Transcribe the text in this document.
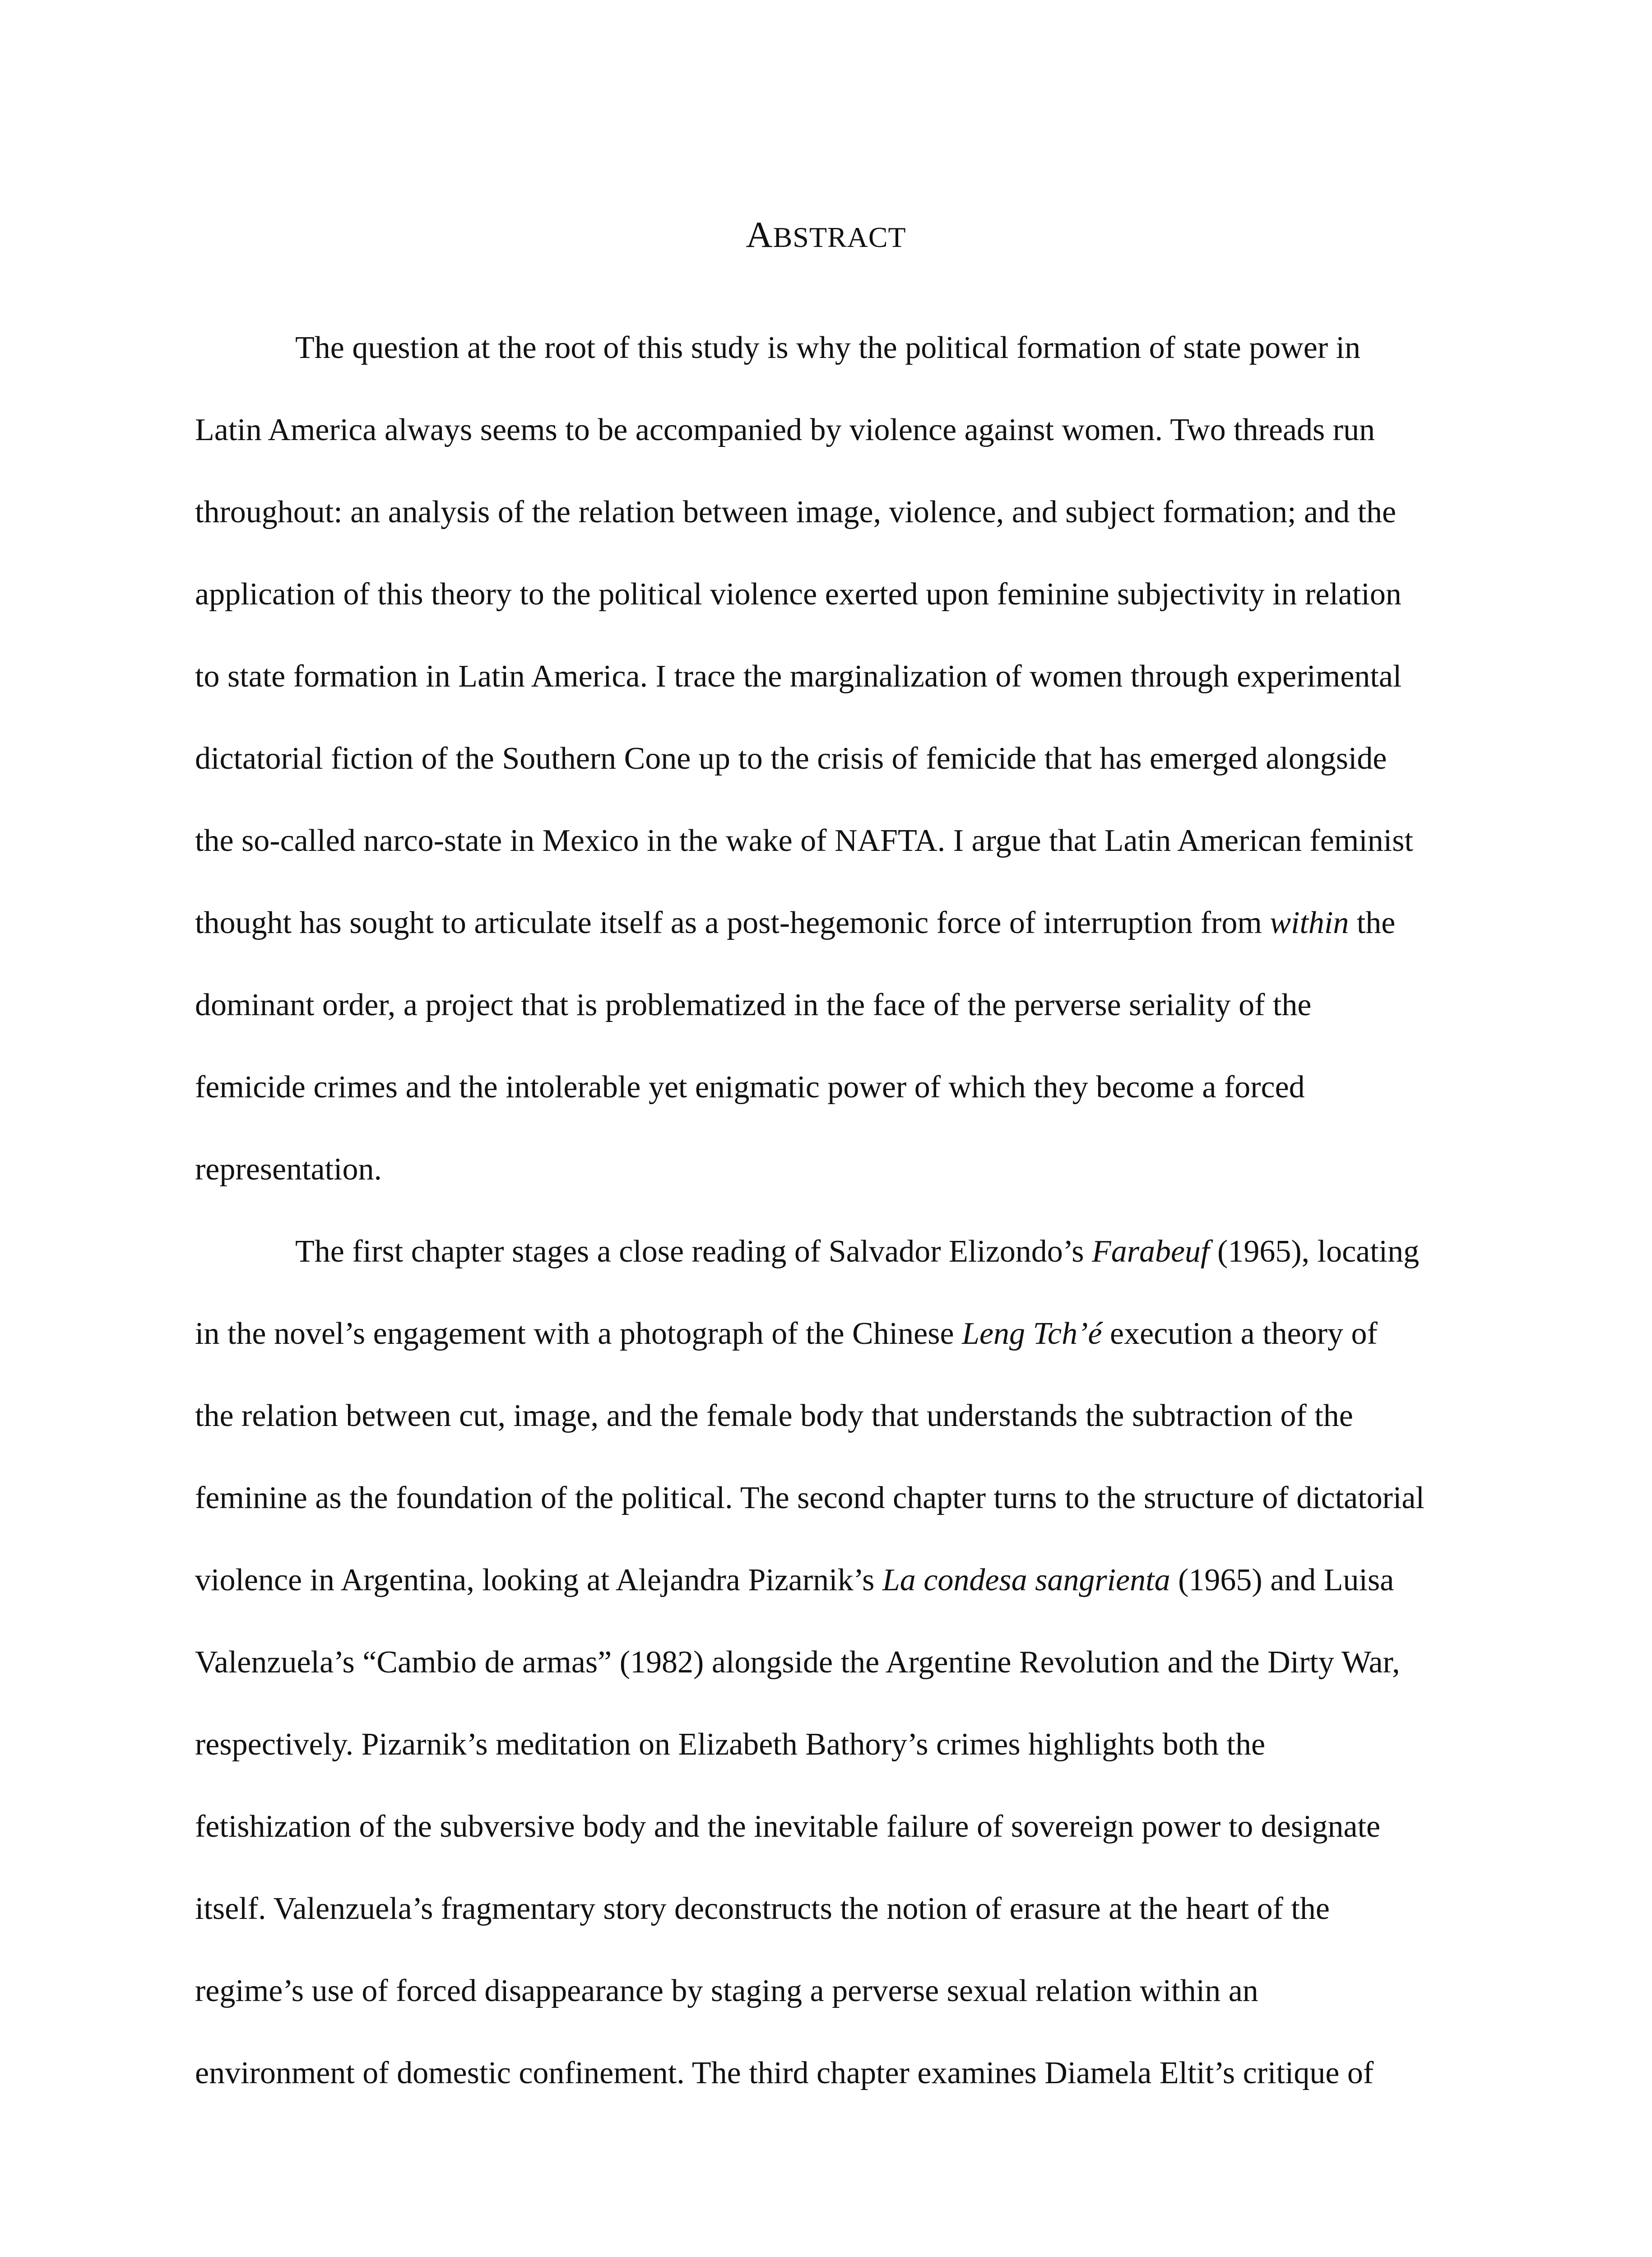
ABSTRACT
The question at the root of this study is why the political formation of state power in
Latin America always seems to be accompanied by violence against women. Two threads run
throughout: an analysis of the relation between image, violence, and subject formation; and the
application of this theory to the political violence exerted upon feminine subjectivity in relation
to state formation in Latin America. I trace the marginalization of women through experimental
dictatorial fiction of the Southern Cone up to the crisis of femicide that has emerged alongside
the so-called narco-state in Mexico in the wake of NAFTA. I argue that Latin American feminist
thought has sought to articulate itself as a post-hegemonic force of interruption from within the
dominant order, a project that is problematized in the face of the perverse seriality of the
femicide crimes and the intolerable yet enigmatic power of which they become a forced
representation.
The first chapter stages a close reading of Salvador Elizondo’s Farabeuf (1965), locating
in the novel’s engagement with a photograph of the Chinese Leng Tch’é execution a theory of
the relation between cut, image, and the female body that understands the subtraction of the
feminine as the foundation of the political. The second chapter turns to the structure of dictatorial
violence in Argentina, looking at Alejandra Pizarnik’s La condesa sangrienta (1965) and Luisa
Valenzuela’s “Cambio de armas” (1982) alongside the Argentine Revolution and the Dirty War,
respectively. Pizarnik’s meditation on Elizabeth Bathory’s crimes highlights both the
fetishization of the subversive body and the inevitable failure of sovereign power to designate
itself. Valenzuela’s fragmentary story deconstructs the notion of erasure at the heart of the
regime’s use of forced disappearance by staging a perverse sexual relation within an
environment of domestic confinement. The third chapter examines Diamela Eltit’s critique of
